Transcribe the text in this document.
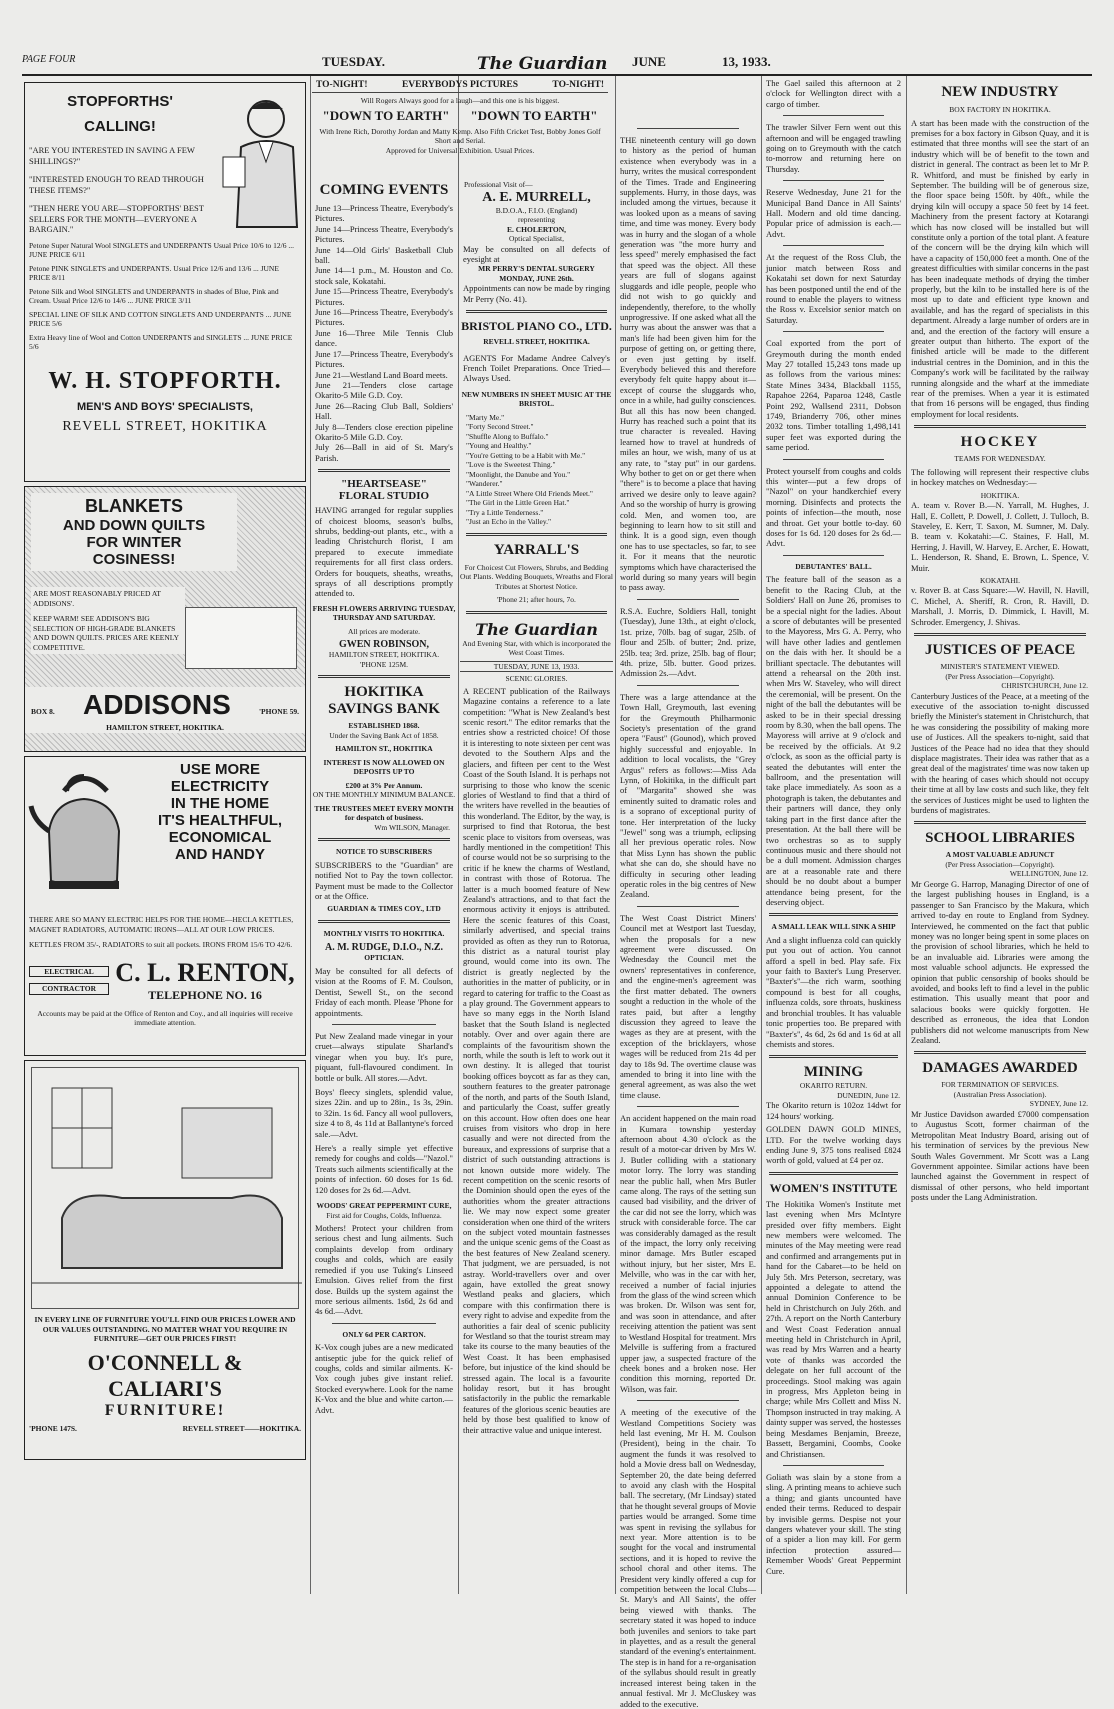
PAGE FOUR	TUESDAY.	The Guardian JUNE	13, 1933.
STOPFORTHS'
CALLING!
"ARE YOU INTERESTED IN SAVING A FEW SHILLINGS?"
"INTERESTED ENOUGH TO READ THROUGH THESE ITEMS?"
"THEN HERE YOU ARE—STOPFORTHS' BEST SELLERS FOR THE MONTH—EVERYONE A BARGAIN."
Petone Super Natural Wool SINGLETS and UNDERPANTS Usual Price 10/6 to 12/6 ... JUNE PRICE 6/11
Petone PINK SINGLETS and UNDERPANTS. Usual Price 12/6 and 13/6 ... JUNE PRICE 8/11
Petone Silk and Wool SINGLETS and UNDERPANTS in shades of Blue, Pink and Cream. Usual Price 12/6 to 14/6 ... JUNE PRICE 3/11
SPECIAL LINE OF SILK AND COTTON SINGLETS AND UNDERPANTS ... JUNE PRICE 5/6
Extra Heavy line of Wool and Cotton UNDERPANTS and SINGLETS ... JUNE PRICE 5/6
W. H. STOPFORTH.
MEN'S AND BOYS' SPECIALISTS,
REVELL STREET, HOKITIKA
BLANKETS
AND DOWN QUILTS
FOR WINTER
COSINESS!
ARE MOST REASONABLY PRICED AT ADDISONS'.
KEEP WARM! SEE ADDISON'S BIG SELECTION OF HIGH-GRADE BLANKETS AND DOWN QUILTS. PRICES ARE KEENLY COMPETITIVE.
BOX 8. ADDISONS	'PHONE 59.
HAMILTON STREET, HOKITIKA.
USE MORE
ELECTRICITY
IN THE HOME
IT'S HEALTHFUL,
ECONOMICAL
AND HANDY
THERE ARE SO MANY ELECTRIC HELPS FOR THE HOME—HECLA KETTLES, MAGNET RADIATORS, AUTOMATIC IRONS—ALL AT OUR LOW PRICES.
KETTLES FROM 35/-, RADIATORS to suit all pockets. IRONS FROM 15/6 TO 42/6.
ELECTRICAL
CONTRACTOR
C. L. RENTON,
TELEPHONE NO. 16
Accounts may be paid at the Office of Renton and Coy., and all inquiries will receive immediate attention.
IN EVERY LINE OF FURNITURE YOU'LL FIND OUR PRICES LOWER AND OUR VALUES OUTSTANDING. NO MATTER WHAT YOU REQUIRE IN FURNITURE—GET OUR PRICES FIRST!
O'CONNELL & CALIARI'S
FURNITURE!
'PHONE 147S.	REVELL STREET——HOKITIKA.
TO-NIGHT!	EVERYBODYS PICTURES	TO-NIGHT!
Will Rogers Always good for a laugh—and this one is his biggest.
"DOWN TO EARTH" "DOWN TO EARTH"
With Irene Rich, Dorothy Jordan and Matty Kemp. Also Fifth Cricket Test, Bobby Jones Golf Short and Serial.
Approved for Universal Exhibition. Usual Prices.
COMING EVENTS
June 13—Princess Theatre, Everybody's Pictures.
June 14—Princess Theatre, Everybody's Pictures.
June 14—Old Girls' Basketball Club ball.
June 14—1 p.m., M. Houston and Co. stock sale, Kokatahi.
June 15—Princess Theatre, Everybody's Pictures.
June 16—Princess Theatre, Everybody's Pictures.
June 16—Three Mile Tennis Club dance.
June 17—Princess Theatre, Everybody's Pictures.
June 21—Westland Land Board meets.
June 21—Tenders close cartage Okarito-5 Mile G.D. Coy.
June 26—Racing Club Ball, Soldiers' Hall.
July 8—Tenders close erection pipeline Okarito-5 Mile G.D. Coy.
July 26—Ball in aid of St. Mary's Parish.
"HEARTSEASE"
FLORAL STUDIO
HAVING arranged for regular supplies of choicest blooms, season's bulbs, shrubs, bedding-out plants, etc., with a leading Christchurch florist, I am prepared to execute immediate requirements for all first class orders. Orders for bouquets, sheaths, wreaths, sprays of all descriptions promptly attended to.
FRESH FLOWERS ARRIVING TUESDAY, THURSDAY AND SATURDAY.
All prices are moderate.
GWEN ROBINSON,
HAMILTON STREET, HOKITIKA.
'PHONE 125M.
HOKITIKA
SAVINGS BANK
ESTABLISHED 1868.
Under the Saving Bank Act of 1858.
HAMILTON ST., HOKITIKA
INTEREST IS NOW ALLOWED ON DEPOSITS UP TO
£200 at 3% Per Annum.
ON THE MONTHLY MINIMUM BALANCE.
THE TRUSTEES MEET EVERY MONTH for despatch of business.
Wm WILSON, Manager.
NOTICE TO SUBSCRIBERS
SUBSCRIBERS to the "Guardian" are notified Not to Pay the town collector. Payment must be made to the Collector or at the Office.
GUARDIAN & TIMES COY., LTD
MONTHLY VISITS TO HOKITIKA.
A. M. RUDGE, D.I.O., N.Z.
OPTICIAN.
May be consulted for all defects of vision at the Rooms of F. M. Coulson, Dentist, Sewell St., on the second Friday of each month. Please 'Phone for appointments.
Put New Zealand made vinegar in your cruet—always stipulate Sharland's vinegar when you buy. It's pure, piquant, full-flavoured condiment. In bottle or bulk. All stores.—Advt.
Boys' fleecy singlets, splendid value, sizes 22in. and up to 28in., 1s 3s, 29in. to 32in. 1s 6d. Fancy all wool pullovers, size 4 to 8, 4s 11d at Ballantyne's forced sale.—Advt.
Here's a really simple yet effective remedy for coughs and colds—"Nazol." Treats such ailments scientifically at the points of infection. 60 doses for 1s 6d. 120 doses for 2s 6d.—Advt.
WOODS' GREAT PEPPERMINT CURE,
First aid for Coughs, Colds, Influenza.
Mothers! Protect your children from serious chest and lung ailments. Such complaints develop from ordinary coughs and colds, which are easily remedied if you use Tuking's Linseed Emulsion. Gives relief from the first dose. Builds up the system against the more serious ailments. 1s6d, 2s 6d and 4s 6d.—Advt.
ONLY 6d PER CARTON.
K-Vox cough jubes are a new medicated antiseptic jube for the quick relief of coughs, colds and similar ailments. K-Vox cough jubes give instant relief. Stocked everywhere. Look for the name K-Vox and the blue and white carton.—Advt.
Professional Visit of—
A. E. MURRELL,
B.D.O.A., F.I.O. (England)
representing
E. CHOLERTON,
Optical Specialist,
May be consulted on all defects of eyesight at
MR PERRY'S DENTAL SURGERY
MONDAY, JUNE 26th.
Appointments can now be made by ringing Mr Perry (No. 41).
BRISTOL PIANO CO., LTD.
REVELL STREET, HOKITIKA.
AGENTS For Madame Andree Calvey's French Toilet Preparations. Once Tried—Always Used.
NEW NUMBERS IN SHEET MUSIC AT THE BRISTOL.
"Marty Me."
"Forty Second Street."
"Shuffle Along to Buffalo."
"Young and Healthy."
"You're Getting to be a Habit with Me."
"Love is the Sweetest Thing."
"Moonlight, the Danube and You."
"Wanderer."
"A Little Street Where Old Friends Meet."
"The Girl in the Little Green Hat."
"Try a Little Tenderness."
"Just an Echo in the Valley."
YARRALL'S
For Choicest Cut Flowers, Shrubs, and Bedding Out Plants. Wedding Bouquets, Wreaths and Floral Tributes at Shortest Notice.
'Phone 21; after hours, 7o.
The Guardian
And Evening Star, with which is incorporated the West Coast Times.
TUESDAY, JUNE 13, 1933.
SCENIC GLORIES.
A RECENT publication of the Railways Magazine contains a reference to a late competition: "What is New Zealand's best scenic resort." The editor remarks that the entries show a restricted choice! Of those it is interesting to note sixteen per cent was devoted to the Southern Alps and the glaciers, and fifteen per cent to the West Coast of the South Island. It is perhaps not surprising to those who know the scenic glories of Westland to find that a third of the writers have revelled in the beauties of this wonderland. The Editor, by the way, is surprised to find that Rotorua, the best scenic place to visitors from overseas, was hardly mentioned in the competition! This of course would not be so surprising to the critic if he knew the charms of Westland, in contrast with those of Rotorua. The latter is a much boomed feature of New Zealand's attractions, and to that fact the enormous activity it enjoys is attributed. Here the scenic features of this Coast, similarly advertised, and special trains provided as often as they run to Rotorua, this district as a natural tourist play ground, would come into its own. The district is greatly neglected by the authorities in the matter of publicity, or in regard to catering for traffic to the Coast as a play ground. The Government appears to have so many eggs in the North Island basket that the South Island is neglected notably. Over and over again there are complaints of the favouritism shown the north, while the south is left to work out it own destiny. It is alleged that tourist booking offices boycott as far as they can, southern features to the greater patronage of the north, and parts of the South Island, and particularly the Coast, suffer greatly on this account. How often does one hear cruises from visitors who drop in here casually and were not directed from the bureaux, and expressions of surprise that a district of such outstanding attractions is not known outside more widely. The recent competition on the scenic resorts of the Dominion should open the eyes of the authorities whom the greater attractions lie. We may now expect some greater consideration when one third of the writers on the subject voted mountain fastnesses and the unique scenic gems of the Coast as the best features of New Zealand scenery. That judgment, we are persuaded, is not astray. World-travellers over and over again, have extolled the great snowy Westland peaks and glaciers, which compare with this confirmation there is every right to advise and expedite from the authorities a fair deal of scenic publicity for Westland so that the tourist stream may take its course to the many beauties of the West Coast. It has been emphasised before, but injustice of the kind should be stressed again. The local is a favourite holiday resort, but it has brought satisfactorily in the public the remarkable features of the glorious scenic beauties are held by those best qualified to know of their attractive value and unique interest.
THE nineteenth century will go down to history as the period of human existence when everybody was in a hurry, writes the musical correspondent of the Times. Trade and Engineering supplements. Hurry, in those days, was included among the virtues, because it was looked upon as a means of saving time, and time was money. Every body was in hurry and the slogan of a whole generation was "the more hurry and less speed" merely emphasised the fact that speed was the object. All these years are full of slogans against sluggards and idle people, people who did not wish to go quickly and independently, therefore, to the wholly unprogressive. If one asked what all the hurry was about the answer was that a man's life had been given him for the purpose of getting on, or getting there, or even just getting by itself. Everybody believed this and therefore everybody felt quite happy about it—except of course the sluggards who, once in a while, had guilty consciences. But all this has now been changed. Hurry has reached such a point that its true character is revealed. Having learned how to travel at hundreds of miles an hour, we wish, many of us at any rate, to "stay put" in our gardens. Why bother to get on or get there when "there" is to become a place that having arrived we desire only to leave again? And so the worship of hurry is growing cold. Men, and women too, are beginning to learn how to sit still and think. It is a good sign, even though one has to use spectacles, so far, to see it. For it means that the neurotic symptoms which have characterised the world during so many years will begin to pass away.
R.S.A. Euchre, Soldiers Hall, tonight (Tuesday), June 13th., at eight o'clock, 1st. prize, 70lb. bag of sugar, 25lb. of flour and 25lb. of butter; 2nd. prize, 25lb. tea; 3rd. prize, 25lb. bag of flour; 4th. prize, 5lb. butter. Good prizes. Admission 2s.—Advt.
There was a large attendance at the Town Hall, Greymouth, last evening for the Greymouth Philharmonic Society's presentation of the grand opera "Faust" (Gounod), which proved highly successful and enjoyable. In addition to local vocalists, the "Grey Argus" refers as follows:—Miss Ada Lynn, of Hokitika, in the difficult part of "Margarita" showed she was eminently suited to dramatic roles and is a soprano of exceptional purity of tone. Her interpretation of the lucky "Jewel" song was a triumph, eclipsing all her previous operatic roles. Now that Miss Lynn has shown the public what she can do, she should have no difficulty in securing other leading operatic roles in the big centres of New Zealand.
The West Coast District Miners' Council met at Westport last Tuesday, when the proposals for a new agreement were discussed. On Wednesday the Council met the owners' representatives in conference, and the engine-men's agreement was the first matter debated. The owners sought a reduction in the whole of the rates paid, but after a lengthy discussion they agreed to leave the wages as they are at present, with the exception of the bricklayers, whose wages will be reduced from 21s 4d per day to 18s 9d. The overtime clause was amended to bring it into line with the general agreement, as was also the wet time clause.
An accident happened on the main road in Kumara township yesterday afternoon about 4.30 o'clock as the result of a motor-car driven by Mrs W. J. Butler colliding with a stationary motor lorry. The lorry was standing near the public hall, when Mrs Butler came along. The rays of the setting sun caused bad visibility, and the driver of the car did not see the lorry, which was struck with considerable force. The car was considerably damaged as the result of the impact, the lorry only receiving minor damage. Mrs Butler escaped without injury, but her sister, Mrs E. Melville, who was in the car with her, received a number of facial injuries from the glass of the wind screen which was broken. Dr. Wilson was sent for, and was soon in attendance, and after receiving attention the patient was sent to Westland Hospital for treatment. Mrs Melville is suffering from a fractured upper jaw, a suspected fracture of the cheek bones and a broken nose. Her condition this morning, reported Dr. Wilson, was fair.
A meeting of the executive of the Westland Competitions Society was held last evening, Mr H. M. Coulson (President), being in the chair. To augment the funds it was resolved to hold a Movie dress ball on Wednesday, September 20, the date being deferred to avoid any clash with the Hospital ball. The secretary, (Mr Lindsay) stated that he thought several groups of Movie parties would be arranged. Some time was spent in revising the syllabus for next year. More attention is to be sought for the vocal and instrumental sections, and it is hoped to revive the school choral and other items. The President very kindly offered a cup for competition between the local Clubs—St. Mary's and All Saints', the offer being viewed with thanks. The secretary stated it was hoped to induce both juveniles and seniors to take part in playettes, and as a result the general standard of the evening's entertainment. The step is in hand for a re-organisation of the syllabus should result in greatly increased interest being taken in the annual festival. Mr J. McCluskey was added to the executive.
The Gael sailed this afternoon at 2 o'clock for Wellington direct with a cargo of timber.
The trawler Silver Fern went out this afternoon and will be engaged trawling going on to Greymouth with the catch to-morrow and returning here on Thursday.
Reserve Wednesday, June 21 for the Municipal Band Dance in All Saints' Hall. Modern and old time dancing. Popular price of admission is each.—Advt.
At the request of the Ross Club, the junior match between Ross and Kokatahi set down for next Saturday has been postponed until the end of the round to enable the players to witness the Ross v. Excelsior senior match on Saturday.
Coal exported from the port of Greymouth during the month ended May 27 totalled 15,243 tons made up as follows from the various mines: State Mines 3434, Blackball 1155, Rapahoe 2264, Paparoa 1248, Castle Point 292, Wallsend 2311, Dobson 1749, Brianderry 706, other mines 2032 tons. Timber totalling 1,498,141 super feet was exported during the same period.
Protect yourself from coughs and colds this winter—put a few drops of "Nazol" on your handkerchief every morning. Disinfects and protects the points of infection—the mouth, nose and throat. Get your bottle to-day. 60 doses for 1s 6d. 120 doses for 2s 6d.—Advt.
DEBUTANTES' BALL.
The feature ball of the season as a benefit to the Racing Club, at the Soldiers' Hall on June 26, promises to be a special night for the ladies. About a score of debutantes will be presented to the Mayoress, Mrs G. A. Perry, who will have other ladies and gentlemen on the dais with her. It should be a brilliant spectacle. The debutantes will attend a rehearsal on the 20th inst. when Mrs W. Staveley, who will direct the ceremonial, will be present. On the night of the ball the debutantes will be asked to be in their special dressing room by 8.30, when the ball opens. The Mayoress will arrive at 9 o'clock and be received by the officials. At 9.2 o'clock, as soon as the official party is seated the debutantes will enter the ballroom, and the presentation will take place immediately. As soon as a photograph is taken, the debutantes and their partners will dance, they only taking part in the first dance after the presentation. At the ball there will be two orchestras so as to supply continuous music and there should not be a dull moment. Admission charges are at a reasonable rate and there should be no doubt about a bumper attendance being present, for the deserving object.
A SMALL LEAK WILL SINK A SHIP
And a slight influenza cold can quickly put you out of action. You cannot afford a spell in bed. Play safe. Fix your faith to Baxter's Lung Preserver. "Baxter's"—the rich warm, soothing compound is best for all coughs, influenza colds, sore throats, huskiness and bronchial troubles. It has valuable tonic properties too. Be prepared with "Baxter's", 4s 6d, 2s 6d and 1s 6d at all chemists and stores.
MINING
OKARITO RETURN.
DUNEDIN, June 12.
The Okarito return is 102oz 14dwt for 124 hours' working.
GOLDEN DAWN GOLD MINES, LTD. For the twelve working days ending June 9, 375 tons realised £824 worth of gold, valued at £4 per oz.
WOMEN'S INSTITUTE
The Hokitika Women's Institute met last evening when Mrs McIntyre presided over fifty members. Eight new members were welcomed. The minutes of the May meeting were read and confirmed and arrangements put in hand for the Cabaret—to be held on July 5th. Mrs Peterson, secretary, was appointed a delegate to attend the annual Dominion Conference to be held in Christchurch on July 26th. and 27th. A report on the North Canterbury and West Coast Federation annual meeting held in Christchurch in April, was read by Mrs Warren and a hearty vote of thanks was accorded the delegate on her full account of the proceedings. Stool making was again in progress, Mrs Appleton being in charge; while Mrs Collett and Miss N. Thompson instructed in tray making. A dainty supper was served, the hostesses being Mesdames Benjamin, Breeze, Bassett, Bergamini, Coombs, Cooke and Christiansen.
Goliath was slain by a stone from a sling. A printing means to achieve such a thing; and giants uncounted have ended their terms. Reduced to despair by invisible germs. Despise not your dangers whatever your skill. The sting of a spider a lion may kill. For germ infection protection assured—Remember Woods' Great Peppermint Cure.
NEW INDUSTRY
BOX FACTORY IN HOKITIKA.
A start has been made with the construction of the premises for a box factory in Gibson Quay, and it is estimated that three months will see the start of an industry which will be of benefit to the town and district in general. The contract as been let to Mr P. R. Whitford, and must be finished by early in September. The building will be of generous size, the floor space being 150ft. by 40ft., while the drying kiln will occupy a space 50 feet by 14 feet. Machinery from the present factory at Kotarangi which has now closed will be installed but will constitute only a portion of the total plant. A feature of the concern will be the drying kiln which will have a capacity of 150,000 feet a month. One of the greatest difficulties with similar concerns in the past has been inadequate methods of drying the timber properly, but the kiln to be installed here is of the most up to date and efficient type known and available, and has the regard of specialists in this department. Already a large number of orders are in and, and the erection of the factory will ensure a greater output than hitherto. The export of the finished article will be made to the different industrial centres in the Dominion, and in this the Company's work will be facilitated by the railway running alongside and the wharf at the immediate rear of the premises. When a year it is estimated that from 16 persons will be engaged, thus finding employment for local residents.
HOCKEY
TEAMS FOR WEDNESDAY.
The following will represent their respective clubs in hockey matches on Wednesday:—
HOKITIKA.
A. team v. Rover B.—N. Yarrall, M. Hughes, J. Hall, E. Collett, P. Dowell, J. Collett, J. Tulloch, B. Staveley, E. Kerr, T. Saxon, M. Sumner, M. Daly. B. team v. Kokatahi:—C. Staines, F. Hall, M. Herring, J. Havill, W. Harvey, E. Archer, E. Howatt, L. Henderson, R. Shand, E. Brown, L. Spence, V. Muir.
KOKATAHI.
v. Rover B. at Cass Square:—W. Havill, N. Havill, C. Michel, A. Sheriff, R. Cron, R. Havill, D. Marshall, J. Morris, D. Dimmick, I. Havill, M. Schroder. Emergency, J. Shivas.
JUSTICES OF PEACE
MINISTER'S STATEMENT VIEWED.
(Per Press Association—Copyright).
CHRISTCHURCH, June 12.
Canterbury Justices of the Peace, at a meeting of the executive of the association to-night discussed briefly the Minister's statement in Christchurch, that he was considering the possibility of making more use of Justices. All the speakers to-night, said that Justices of the Peace had no idea that they should displace magistrates. Their idea was rather that as a great deal of the magistrates' time was now taken up with the hearing of cases which should not occupy their time at all by law costs and such like, they felt the services of Justices might be used to lighten the burdens of magistrates.
SCHOOL LIBRARIES
A MOST VALUABLE ADJUNCT
(Per Press Association—Copyright).
WELLINGTON, June 12.
Mr George G. Harrop, Managing Director of one of the largest publishing houses in England, is a passenger to San Francisco by the Makura, which arrived to-day en route to England from Sydney. Interviewed, he commented on the fact that public money was no longer being spent in some places on the provision of school libraries, which he held to be an invaluable aid. Libraries were among the most valuable school adjuncts. He expressed the opinion that public censorship of books should be avoided, and books left to find a level in the public estimation. This usually meant that poor and salacious books were quickly forgotten. He described as erroneous, the idea that London publishers did not welcome manuscripts from New Zealand.
DAMAGES AWARDED
FOR TERMINATION OF SERVICES.
(Australian Press Association).
SYDNEY, June 12.
Mr Justice Davidson awarded £7000 compensation to Augustus Scott, former chairman of the Metropolitan Meat Industry Board, arising out of his termination of services by the previous New South Wales Government. Mr Scott was a Lang Government appointee. Similar actions have been launched against the Government in respect of dismissal of other persons, who held important posts under the Lang Administration.
